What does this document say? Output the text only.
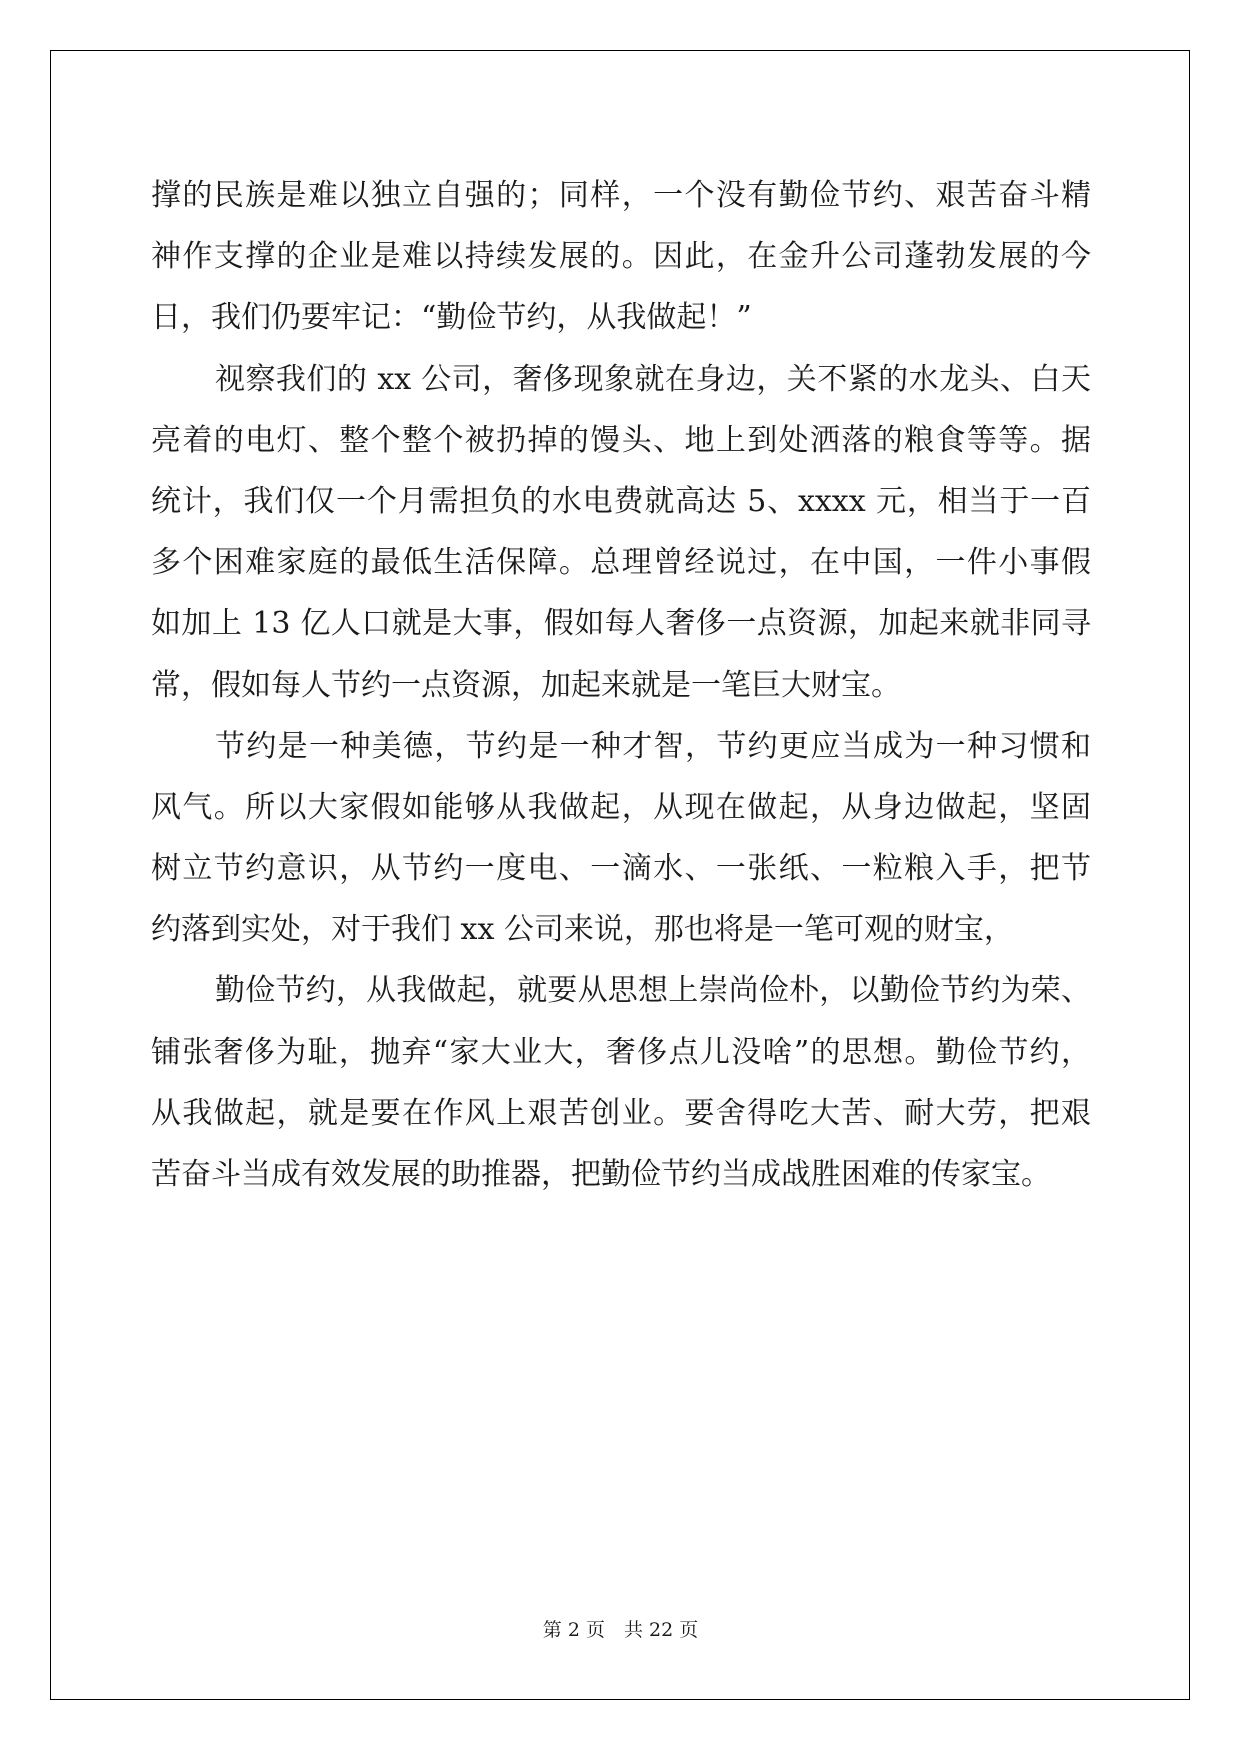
撑的民族是难以独立自强的；同样，一个没有勤俭节约、艰苦奋斗精

神作支撑的企业是难以持续发展的。因此，在金升公司蓬勃发展的今

日，我们仍要牢记：“勤俭节约，从我做起！”

视察我们的 xx 公司，奢侈现象就在身边，关不紧的水龙头、白天

亮着的电灯、整个整个被扔掉的馒头、地上到处洒落的粮食等等。据

统计，我们仅一个月需担负的水电费就高达 5、xxxx 元，相当于一百

多个困难家庭的最低生活保障。总理曾经说过，在中国，一件小事假

如加上 13 亿人口就是大事，假如每人奢侈一点资源，加起来就非同寻

常，假如每人节约一点资源，加起来就是一笔巨大财宝。

节约是一种美德，节约是一种才智，节约更应当成为一种习惯和

风气。所以大家假如能够从我做起，从现在做起，从身边做起，坚固

树立节约意识，从节约一度电、一滴水、一张纸、一粒粮入手，把节

约落到实处，对于我们 xx 公司来说，那也将是一笔可观的财宝，

勤俭节约，从我做起，就要从思想上崇尚俭朴，以勤俭节约为荣、

铺张奢侈为耻，抛弃“家大业大，奢侈点儿没啥”的思想。勤俭节约，

从我做起，就是要在作风上艰苦创业。要舍得吃大苦、耐大劳，把艰

苦奋斗当成有效发展的助推器，把勤俭节约当成战胜困难的传家宝。

第 2 页　共 22 页
